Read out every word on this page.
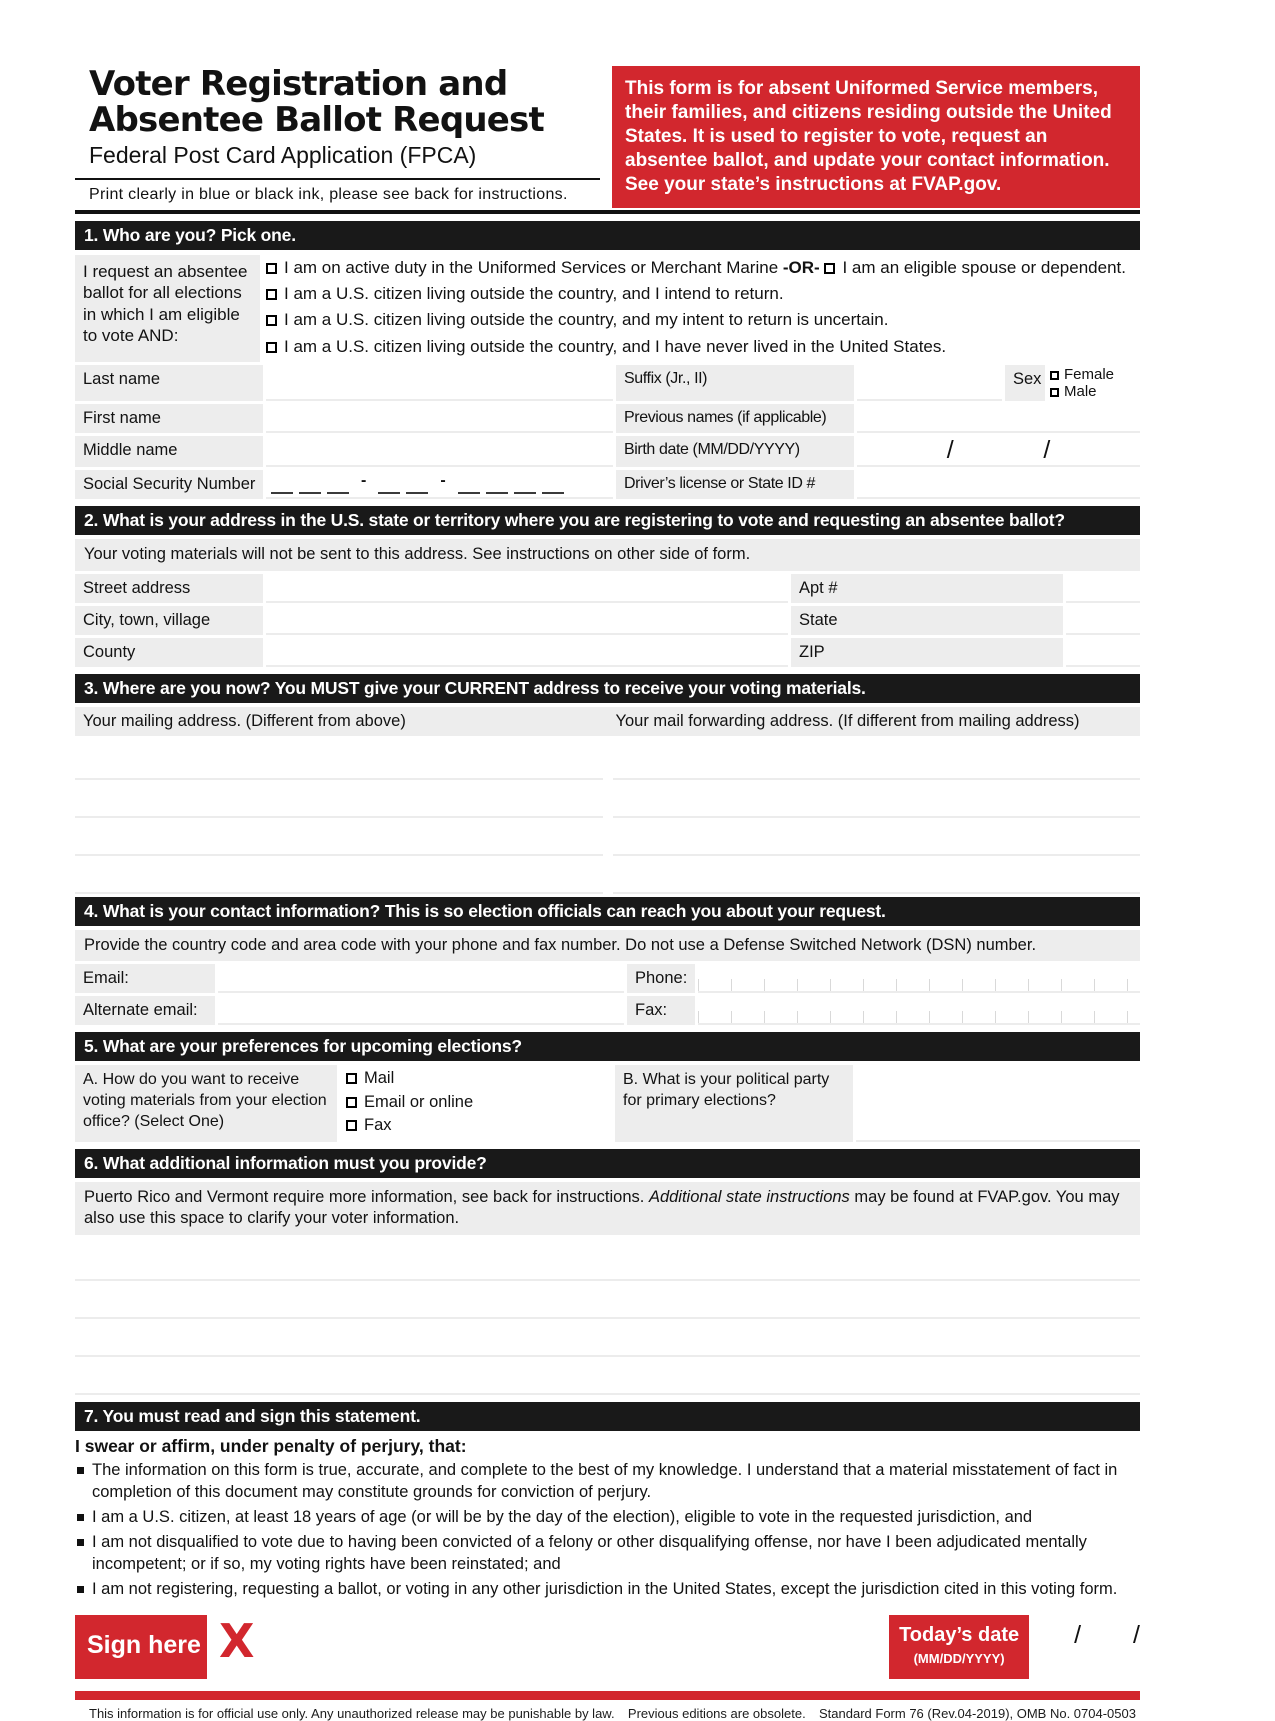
Voter Registration and
Absentee Ballot Request
Federal Post Card Application (FPCA)
Print clearly in blue or black ink, please see back for instructions.
This form is for absent Uniformed Service members, their families, and citizens residing outside the United States. It is used to register to vote, request an absentee ballot, and update your contact information. See your state’s instructions at FVAP.gov.
1. Who are you? Pick one.
I request an absentee ballot for all elections in which I am eligible to vote AND:
I am on active duty in the Uniformed Services or Merchant Marine -OR- I am an eligible spouse or dependent.
I am a U.S. citizen living outside the country, and I intend to return.
I am a U.S. citizen living outside the country, and my intent to return is uncertain.
I am a U.S. citizen living outside the country, and I have never lived in the United States.
Last name	Suffix (Jr., II)	Sex	Female
Male
First name	Previous names (if applicable)
Middle name	Birth date (MM/DD/YYYY)	/	/
Social Security Number	-	-	Driver’s license or State ID #
2. What is your address in the U.S. state or territory where you are registering to vote and requesting an absentee ballot?
Your voting materials will not be sent to this address. See instructions on other side of form.
Street address	Apt #
City, town, village	State
County	ZIP
3. Where are you now? You MUST give your CURRENT address to receive your voting materials.
Your mailing address. (Different from above)	Your mail forwarding address. (If different from mailing address)
4. What is your contact information? This is so election officials can reach you about your request.
Provide the country code and area code with your phone and fax number. Do not use a Defense Switched Network (DSN) number.
Email:	Phone:
Alternate email:	Fax:
5. What are your preferences for upcoming elections?
A. How do you want to receive voting materials from your election office? (Select One)
Mail
Email or online
Fax
B. What is your political party for primary elections?
6. What additional information must you provide?
Puerto Rico and Vermont require more information, see back for instructions. Additional state instructions may be found at FVAP.gov. You may also use this space to clarify your voter information.
7. You must read and sign this statement.
I swear or affirm, under penalty of perjury, that:
The information on this form is true, accurate, and complete to the best of my knowledge. I understand that a material misstatement of fact in completion of this document may constitute grounds for conviction of perjury.
I am a U.S. citizen, at least 18 years of age (or will be by the day of the election), eligible to vote in the requested jurisdiction, and
I am not disqualified to vote due to having been convicted of a felony or other disqualifying offense, nor have I been adjudicated mentally incompetent; or if so, my voting rights have been reinstated; and
I am not registering, requesting a ballot, or voting in any other jurisdiction in the United States, except the jurisdiction cited in this voting form.
Sign here X	Today’s date
(MM/DD/YYYY)
/ /
This information is for official use only. Any unauthorized release may be punishable by law. Previous editions are obsolete. Standard Form 76 (Rev.04-2019), OMB No. 0704-0503
